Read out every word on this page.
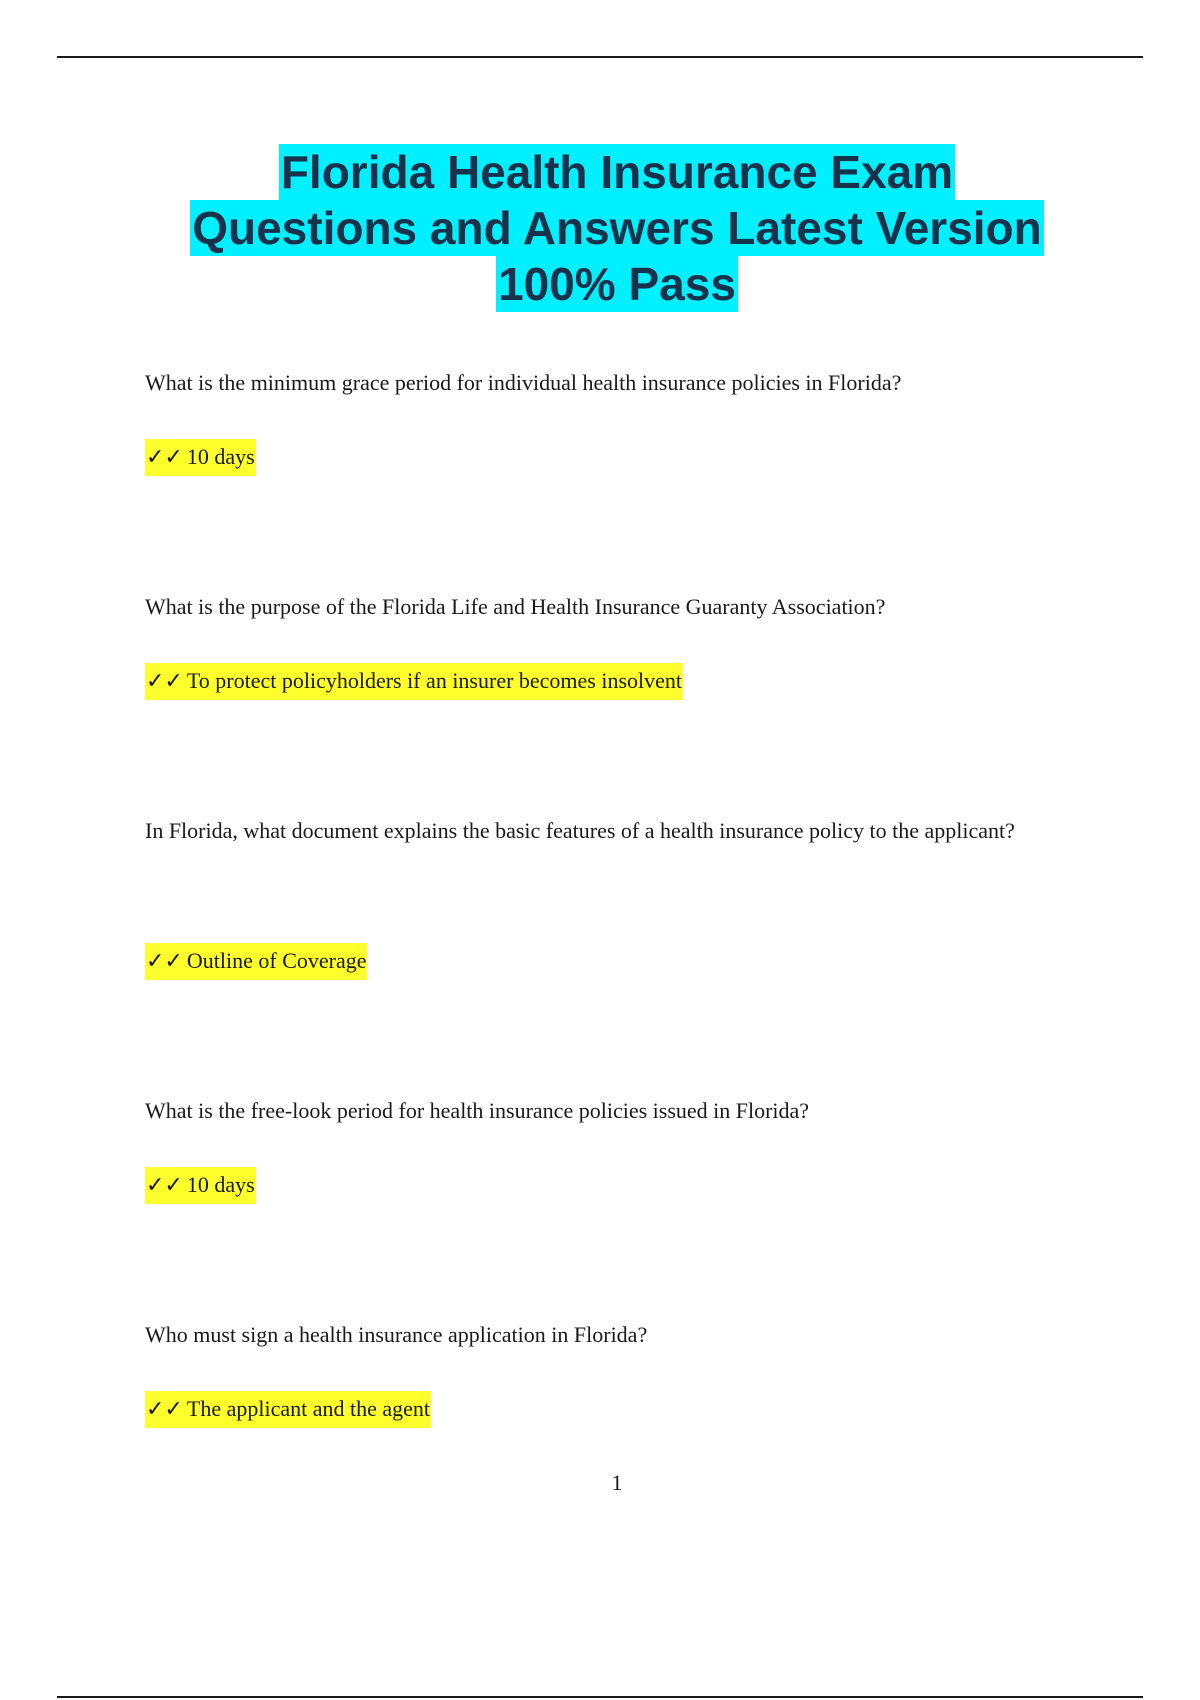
Florida Health Insurance Exam
Questions and Answers Latest Version
100% Pass

What is the minimum grace period for individual health insurance policies in Florida?

✓✓ 10 days

What is the purpose of the Florida Life and Health Insurance Guaranty Association?

✓✓ To protect policyholders if an insurer becomes insolvent

In Florida, what document explains the basic features of a health insurance policy to the applicant?

✓✓ Outline of Coverage

What is the free-look period for health insurance policies issued in Florida?

✓✓ 10 days

Who must sign a health insurance application in Florida?

✓✓ The applicant and the agent
1
